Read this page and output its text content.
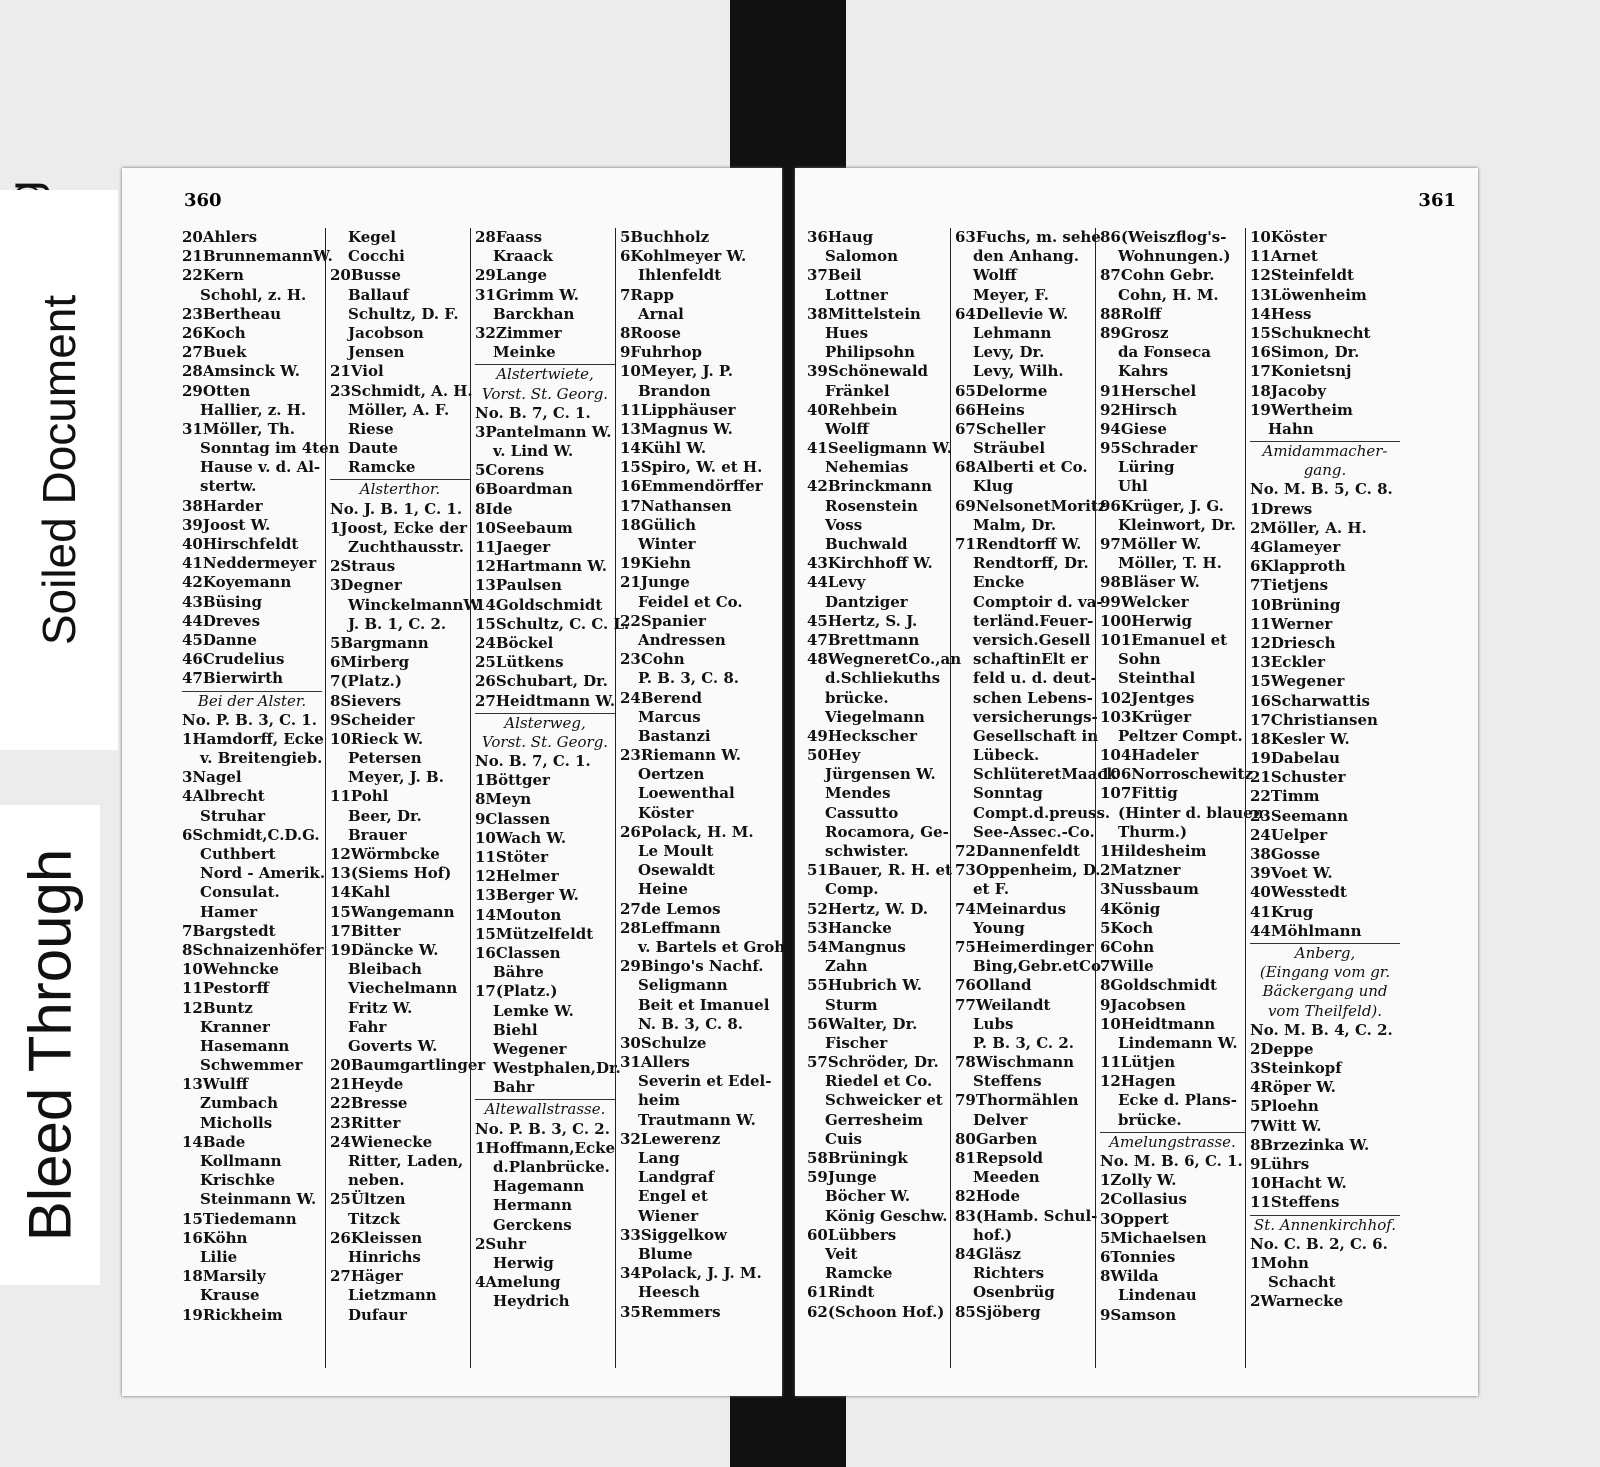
Soiled Document
Bleed Through
360
20Ahlers
21BrunnemannW.
22Kern
Schohl, z. H.
23Bertheau
26Koch
27Buek
28Amsinck W.
29Otten
Hallier, z. H.
31Möller, Th.
Sonntag im 4ten
Hause v. d. Al-
stertw.
38Harder
39Joost W.
40Hirschfeldt
41Neddermeyer
42Koyemann
43Büsing
44Dreves
45Danne
46Crudelius
47Bierwirth
Bei der Alster.
No. P. B. 3, C. 1.
1Hamdorff, Ecke
v. Breitengieb.
3Nagel
4Albrecht
Struhar
6Schmidt,C.D.G.
Cuthbert
Nord - Amerik.
Consulat.
Hamer
7Bargstedt
8Schnaizenhöfer
10Wehncke
11Pestorff
12Buntz
Kranner
Hasemann
Schwemmer
13Wulff
Zumbach
Micholls
14Bade
Kollmann
Krischke
Steinmann W.
15Tiedemann
16Köhn
Lilie
18Marsily
Krause
19Rickheim
Kegel
Cocchi
20Busse
Ballauf
Schultz, D. F.
Jacobson
Jensen
21Viol
23Schmidt, A. H.
Möller, A. F.
Riese
Daute
Ramcke
Alsterthor.
No. J. B. 1, C. 1.
1Joost, Ecke der
Zuchthausstr.
2Straus
3Degner
WinckelmannW.
J. B. 1, C. 2.
5Bargmann
6Mirberg
7(Platz.)
8Sievers
9Scheider
10Rieck W.
Petersen
Meyer, J. B.
11Pohl
Beer, Dr.
Brauer
12Wörmbcke
13(Siems Hof)
14Kahl
15Wangemann
17Bitter
19Däncke W.
Bleibach
Viechelmann
Fritz W.
Fahr
Goverts W.
20Baumgartlinger
21Heyde
22Bresse
23Ritter
24Wienecke
Ritter, Laden,
neben.
25Ültzen
Titzck
26Kleissen
Hinrichs
27Häger
Lietzmann
Dufaur
28Faass
Kraack
29Lange
31Grimm W.
Barckhan
32Zimmer
Meinke
Alstertwiete,
Vorst. St. Georg.
No. B. 7, C. 1.
3Pantelmann W.
v. Lind W.
5Corens
6Boardman
8Ide
10Seebaum
11Jaeger
12Hartmann W.
13Paulsen
14Goldschmidt
15Schultz, C. C. L.
24Böckel
25Lütkens
26Schubart, Dr.
27Heidtmann W.
Alsterweg,
Vorst. St. Georg.
No. B. 7, C. 1.
1Böttger
8Meyn
9Classen
10Wach W.
11Stöter
12Helmer
13Berger W.
14Mouton
15Mützelfeldt
16Classen
Bähre
17(Platz.)
Lemke W.
Biehl
Wegener
Westphalen,Dr.
Bahr
Altewallstrasse.
No. P. B. 3, C. 2.
1Hoffmann,Ecke
d.Planbrücke.
Hagemann
Hermann
Gerckens
2Suhr
Herwig
4Amelung
Heydrich
5Buchholz
6Kohlmeyer W.
Ihlenfeldt
7Rapp
Arnal
8Roose
9Fuhrhop
10Meyer, J. P.
Brandon
11Lipphäuser
13Magnus W.
14Kühl W.
15Spiro, W. et H.
16Emmendörffer
17Nathansen
18Gülich
Winter
19Kiehn
21Junge
Feidel et Co.
22Spanier
Andressen
23Cohn
P. B. 3, C. 8.
24Berend
Marcus
Bastanzi
23Riemann W.
Oertzen
Loewenthal
Köster
26Polack, H. M.
Le Moult
Osewaldt
Heine
27de Lemos
28Leffmann
v. Bartels et Groh
29Bingo's Nachf.
Seligmann
Beit et Imanuel
N. B. 3, C. 8.
30Schulze
31Allers
Severin et Edel-
heim
Trautmann W.
32Lewerenz
Lang
Landgraf
Engel et
Wiener
33Siggelkow
Blume
34Polack, J. J. M.
Heesch
35Remmers
361
36Haug
Salomon
37Beil
Lottner
38Mittelstein
Hues
Philipsohn
39Schönewald
Fränkel
40Rehbein
Wolff
41Seeligmann W.
Nehemias
42Brinckmann
Rosenstein
Voss
Buchwald
43Kirchhoff W.
44Levy
Dantziger
45Hertz, S. J.
47Brettmann
48WegneretCo.,an
d.Schliekuths
brücke.
Viegelmann
49Heckscher
50Hey
Jürgensen W.
Mendes
Cassutto
Rocamora, Ge-
schwister.
51Bauer, R. H. et
Comp.
52Hertz, W. D.
53Hancke
54Mangnus
Zahn
55Hubrich W.
Sturm
56Walter, Dr.
Fischer
57Schröder, Dr.
Riedel et Co.
Schweicker et
Gerresheim
Cuis
58Brüningk
59Junge
Böcher W.
König Geschw.
60Lübbers
Veit
Ramcke
61Rindt
62(Schoon Hof.)
63Fuchs, m. sehe
den Anhang.
Wolff
Meyer, F.
64Dellevie W.
Lehmann
Levy, Dr.
Levy, Wilh.
65Delorme
66Heins
67Scheller
Sträubel
68Alberti et Co.
Klug
69NelsonetMoritz
Malm, Dr.
71Rendtorff W.
Rendtorff, Dr.
Encke
Comptoir d. va-
terländ.Feuer-
versich.Gesell
schaftinElt er
feld u. d. deut-
schen Lebens-
versicherungs-
Gesellschaft in
Lübeck.
SchlüteretMaack
Sonntag
Compt.d.preuss.
See-Assec.-Co.
72Dannenfeldt
73Oppenheim, D.
et F.
74Meinardus
Young
75Heimerdinger
Bing,Gebr.etCo.
76Olland
77Weilandt
Lubs
P. B. 3, C. 2.
78Wischmann
Steffens
79Thormählen
Delver
80Garben
81Repsold
Meeden
82Hode
83(Hamb. Schul-
hof.)
84Gläsz
Richters
Osenbrüg
85Sjöberg
86(Weiszflog's-
Wohnungen.)
87Cohn Gebr.
Cohn, H. M.
88Rolff
89Grosz
da Fonseca
Kahrs
91Herschel
92Hirsch
94Giese
95Schrader
Lüring
Uhl
96Krüger, J. G.
Kleinwort, Dr.
97Möller W.
Möller, T. H.
98Bläser W.
99Welcker
100Herwig
101Emanuel et
Sohn
Steinthal
102Jentges
103Krüger
Peltzer Compt.
104Hadeler
106Norroschewitz
107Fittig
(Hinter d. blauen
Thurm.)
1Hildesheim
2Matzner
3Nussbaum
4König
5Koch
6Cohn
7Wille
8Goldschmidt
9Jacobsen
10Heidtmann
Lindemann W.
11Lütjen
12Hagen
Ecke d. Plans-
brücke.
Amelungstrasse.
No. M. B. 6, C. 1.
1Zolly W.
2Collasius
3Oppert
5Michaelsen
6Tonnies
8Wilda
Lindenau
9Samson
10Köster
11Arnet
12Steinfeldt
13Löwenheim
14Hess
15Schuknecht
16Simon, Dr.
17Konietsnj
18Jacoby
19Wertheim
Hahn
Amidammacher-
gang.
No. M. B. 5, C. 8.
1Drews
2Möller, A. H.
4Glameyer
6Klapproth
7Tietjens
10Brüning
11Werner
12Driesch
13Eckler
15Wegener
16Scharwattis
17Christiansen
18Kesler W.
19Dabelau
21Schuster
22Timm
23Seemann
24Uelper
38Gosse
39Voet W.
40Wesstedt
41Krug
44Möhlmann
Anberg,
(Eingang vom gr.
Bäckergang und
vom Theilfeld).
No. M. B. 4, C. 2.
2Deppe
3Steinkopf
4Röper W.
5Ploehn
7Witt W.
8Brzezinka W.
9Lührs
10Hacht W.
11Steffens
St. Annenkirchhof.
No. C. B. 2, C. 6.
1Mohn
Schacht
2Warnecke
